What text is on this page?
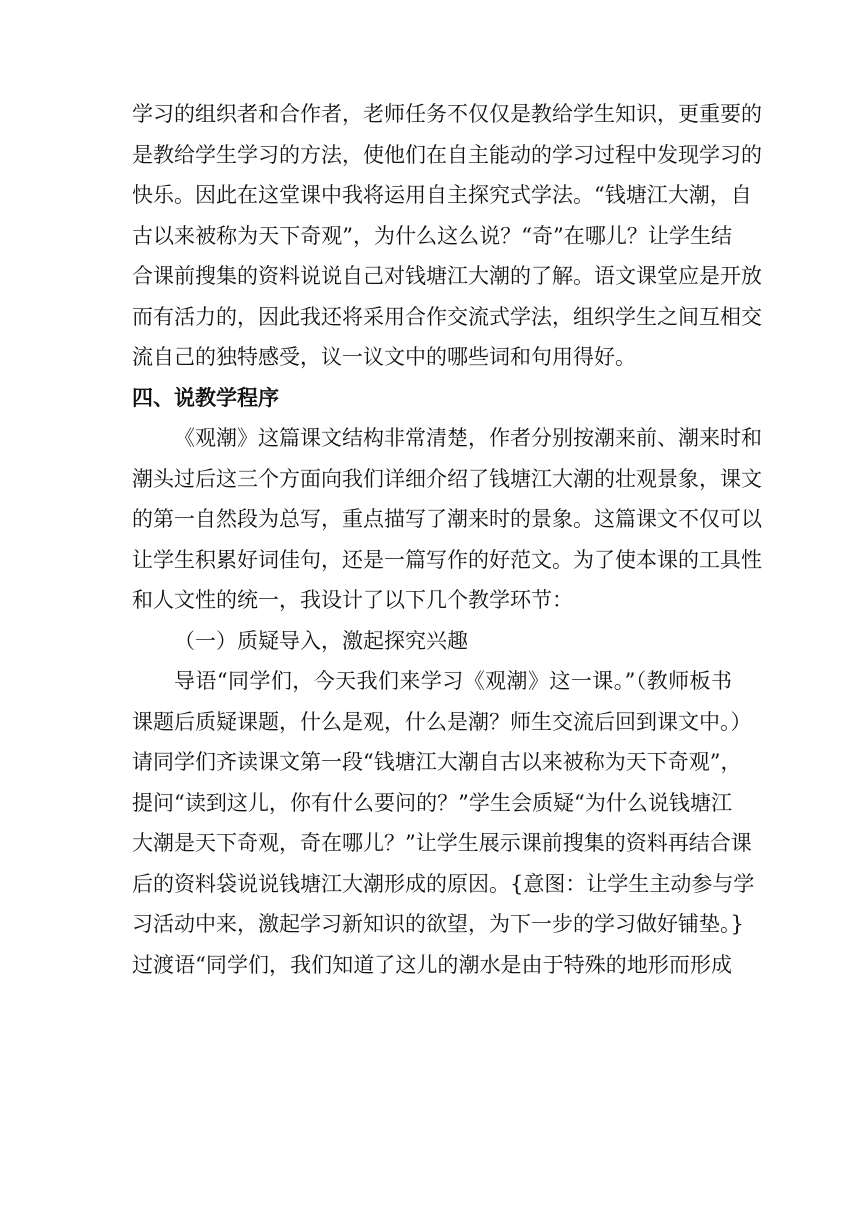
学习的组织者和合作者，老师任务不仅仅是教给学生知识，更重要的
是教给学生学习的方法，使他们在自主能动的学习过程中发现学习的
快乐。因此在这堂课中我将运用自主探究式学法。“钱塘江大潮，自
古以来被称为天下奇观”，为什么这么说？“奇”在哪儿？让学生结
合课前搜集的资料说说自己对钱塘江大潮的了解。语文课堂应是开放
而有活力的，因此我还将采用合作交流式学法，组织学生之间互相交
流自己的独特感受，议一议文中的哪些词和句用得好。
四、说教学程序
《观潮》这篇课文结构非常清楚，作者分别按潮来前、潮来时和
潮头过后这三个方面向我们详细介绍了钱塘江大潮的壮观景象，课文
的第一自然段为总写，重点描写了潮来时的景象。这篇课文不仅可以
让学生积累好词佳句，还是一篇写作的好范文。为了使本课的工具性
和人文性的统一，我设计了以下几个教学环节：
（一）质疑导入，激起探究兴趣
导语“同学们，今天我们来学习《观潮》这一课。”（教师板书
课题后质疑课题，什么是观，什么是潮？师生交流后回到课文中。）
请同学们齐读课文第一段“钱塘江大潮自古以来被称为天下奇观”，
提问“读到这儿，你有什么要问的？”学生会质疑“为什么说钱塘江
大潮是天下奇观，奇在哪儿？”让学生展示课前搜集的资料再结合课
后的资料袋说说钱塘江大潮形成的原因。{意图：让学生主动参与学
习活动中来，激起学习新知识的欲望，为下一步的学习做好铺垫。}
过渡语“同学们，我们知道了这儿的潮水是由于特殊的地形而形成
